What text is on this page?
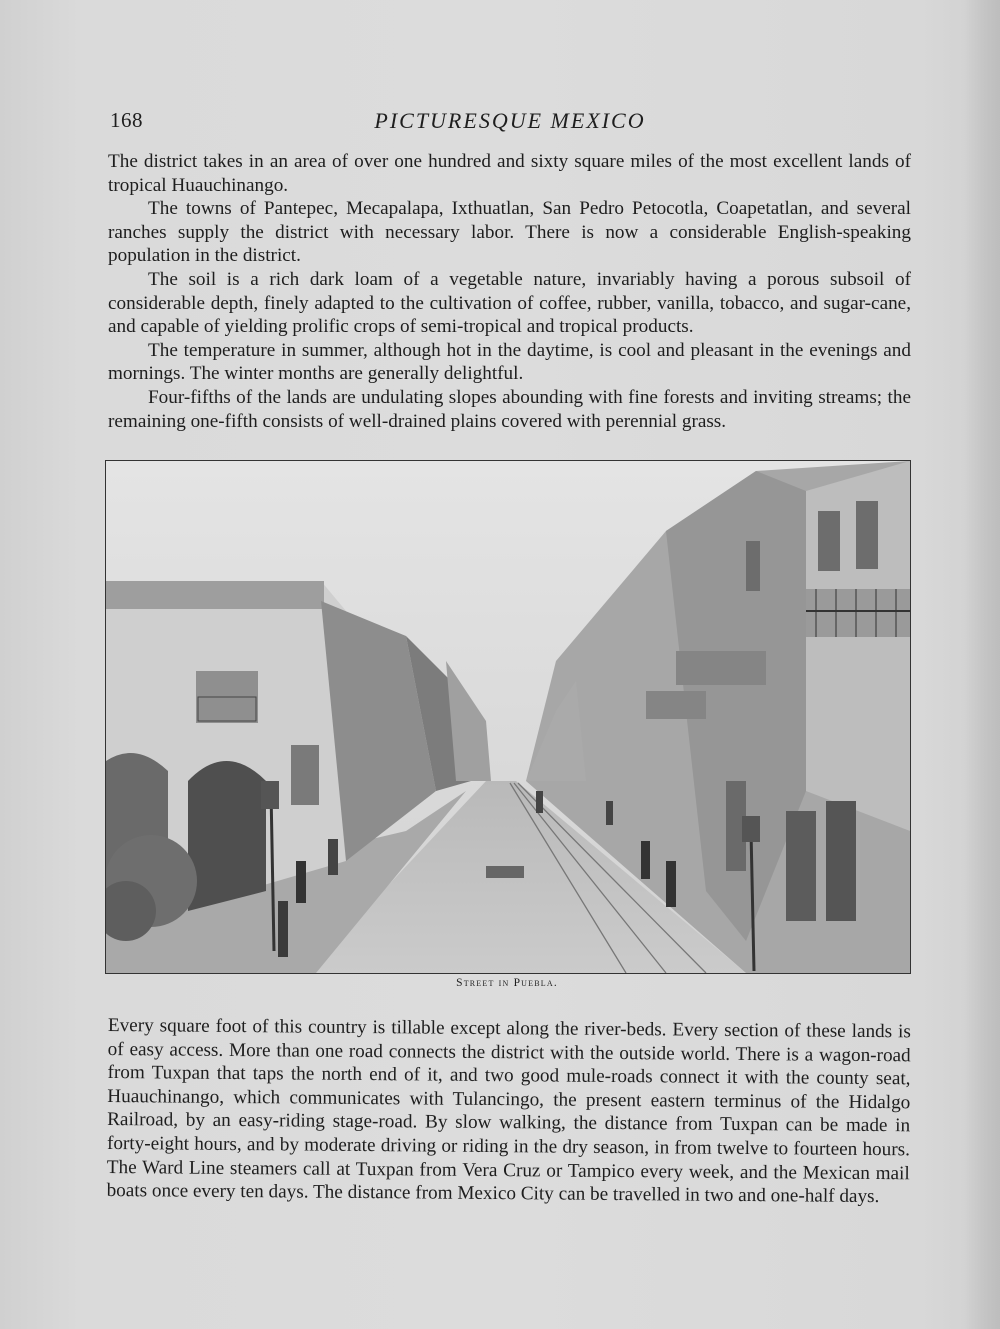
168	PICTURESQUE MEXICO

The district takes in an area of over one hundred and sixty square miles of the most excellent lands of tropical Huauchinango.

The towns of Pantepec, Mecapalapa, Ixthuatlan, San Pedro Petocotla, Coapetatlan, and several ranches supply the district with necessary labor. There is now a considerable English-speaking population in the district.

The soil is a rich dark loam of a vegetable nature, invariably having a porous subsoil of considerable depth, finely adapted to the cultivation of coffee, rubber, vanilla, tobacco, and sugar-cane, and capable of yielding prolific crops of semi-tropical and tropical products.

The temperature in summer, although hot in the daytime, is cool and pleasant in the evenings and mornings. The winter months are generally delightful.

Four-fifths of the lands are undulating slopes abounding with fine forests and inviting streams; the remaining one-fifth consists of well-drained plains covered with perennial grass.

Street in Puebla.

Every square foot of this country is tillable except along the river-beds. Every section of these lands is of easy access. More than one road connects the district with the outside world. There is a wagon-road from Tuxpan that taps the north end of it, and two good mule-roads connect it with the county seat, Huauchinango, which communicates with Tulancingo, the present eastern terminus of the Hidalgo Railroad, by an easy-riding stage-road. By slow walking, the distance from Tuxpan can be made in forty-eight hours, and by moderate driving or riding in the dry season, in from twelve to fourteen hours. The Ward Line steamers call at Tuxpan from Vera Cruz or Tampico every week, and the Mexican mail boats once every ten days. The distance from Mexico City can be travelled in two and one-half days.
